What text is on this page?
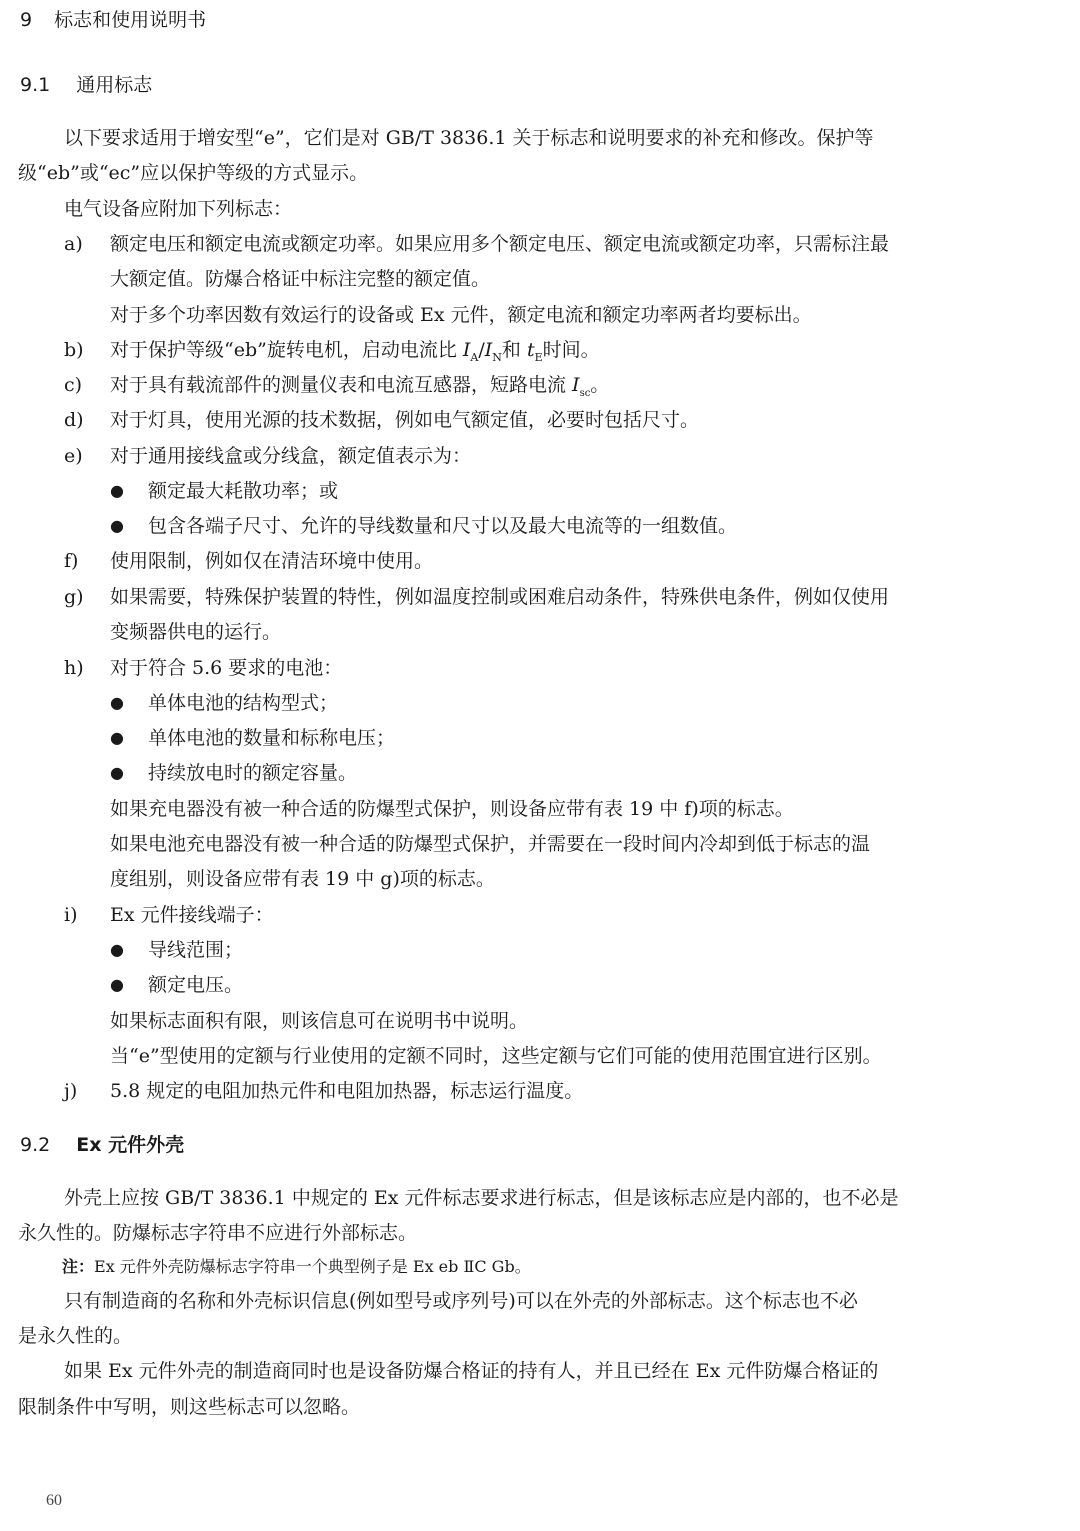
9 标志和使用说明书
9.1 通用标志
以下要求适用于增安型“e”，它们是对 GB/T 3836.1 关于标志和说明要求的补充和修改。保护等
级“eb”或“ec”应以保护等级的方式显示。
电气设备应附加下列标志：
a) 额定电压和额定电流或额定功率。如果应用多个额定电压、额定电流或额定功率，只需标注最
大额定值。防爆合格证中标注完整的额定值。
对于多个功率因数有效运行的设备或 Ex 元件，额定电流和额定功率两者均要标出。
b) 对于保护等级“eb”旋转电机，启动电流比 $I_A/I_N$和 $t_E$时间。
c) 对于具有载流部件的测量仪表和电流互感器，短路电流 $I_{sc}$。
d) 对于灯具，使用光源的技术数据，例如电气额定值，必要时包括尺寸。
e) 对于通用接线盒或分线盒，额定值表示为：
● 额定最大耗散功率；或
● 包含各端子尺寸、允许的导线数量和尺寸以及最大电流等的一组数值。
f) 使用限制，例如仅在清洁环境中使用。
g) 如果需要，特殊保护装置的特性，例如温度控制或困难启动条件，特殊供电条件，例如仅使用
变频器供电的运行。
h) 对于符合 5.6 要求的电池：
● 单体电池的结构型式；
● 单体电池的数量和标称电压；
● 持续放电时的额定容量。
如果充电器没有被一种合适的防爆型式保护，则设备应带有表 19 中 f)项的标志。
如果电池充电器没有被一种合适的防爆型式保护，并需要在一段时间内冷却到低于标志的温
度组别，则设备应带有表 19 中 g)项的标志。
i) Ex 元件接线端子：
● 导线范围；
● 额定电压。
如果标志面积有限，则该信息可在说明书中说明。
当“e”型使用的定额与行业使用的定额不同时，这些定额与它们可能的使用范围宜进行区别。
j) 5.8 规定的电阻加热元件和电阻加热器，标志运行温度。
9.2 Ex 元件外壳
外壳上应按 GB/T 3836.1 中规定的 Ex 元件标志要求进行标志，但是该标志应是内部的，也不必是
永久性的。防爆标志字符串不应进行外部标志。
注：Ex 元件外壳防爆标志字符串一个典型例子是 Ex eb ⅡC Gb。
只有制造商的名称和外壳标识信息(例如型号或序列号)可以在外壳的外部标志。这个标志也不必
是永久性的。
如果 Ex 元件外壳的制造商同时也是设备防爆合格证的持有人，并且已经在 Ex 元件防爆合格证的
限制条件中写明，则这些标志可以忽略。
60
